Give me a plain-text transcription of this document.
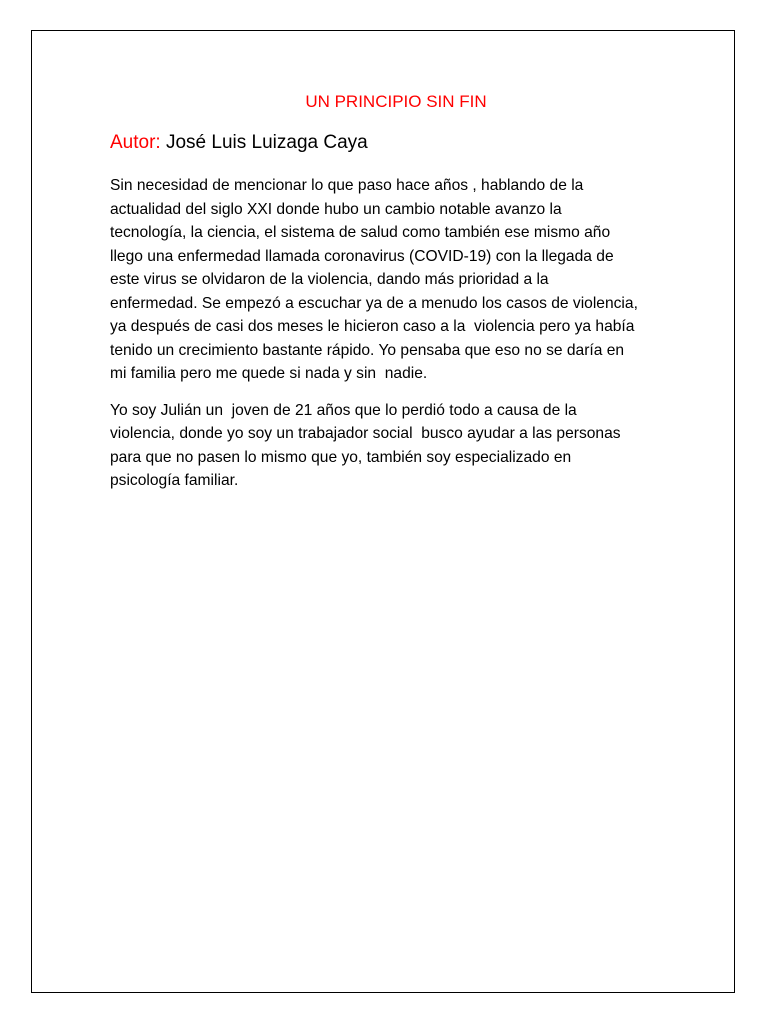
UN PRINCIPIO SIN FIN

Autor: José Luis Luizaga Caya

Sin necesidad de mencionar lo que paso hace años , hablando de la
actualidad del siglo XXI donde hubo un cambio notable avanzo la
tecnología, la ciencia, el sistema de salud como también ese mismo año
llego una enfermedad llamada coronavirus (COVID-19) con la llegada de
este virus se olvidaron de la violencia, dando más prioridad a la
enfermedad. Se empezó a escuchar ya de a menudo los casos de violencia,
ya después de casi dos meses le hicieron caso a la  violencia pero ya había
tenido un crecimiento bastante rápido. Yo pensaba que eso no se daría en
mi familia pero me quede si nada y sin  nadie.

Yo soy Julián un  joven de 21 años que lo perdió todo a causa de la
violencia, donde yo soy un trabajador social  busco ayudar a las personas
para que no pasen lo mismo que yo, también soy especializado en
psicología familiar.
